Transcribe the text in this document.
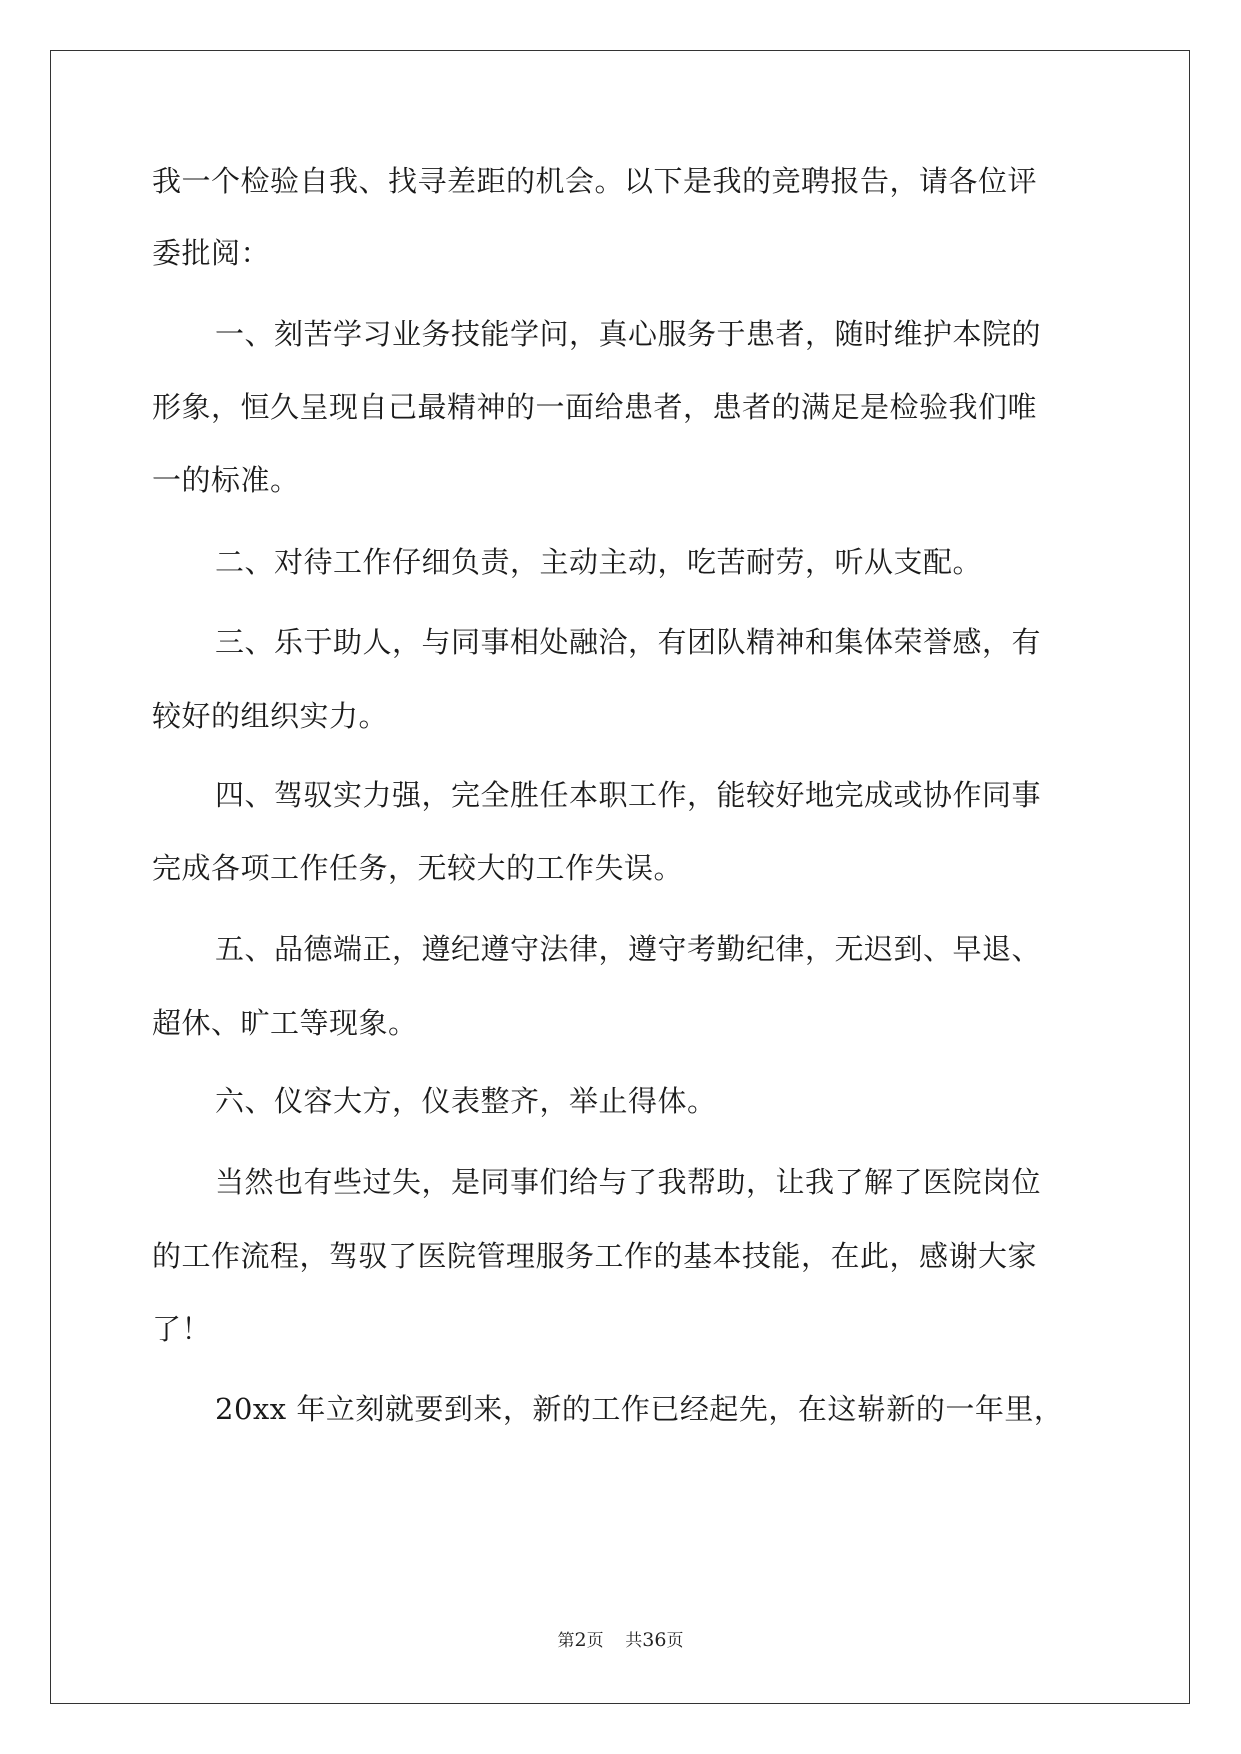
我一个检验自我、找寻差距的机会。以下是我的竞聘报告，请各位评
委批阅：
一、刻苦学习业务技能学问，真心服务于患者，随时维护本院的
形象，恒久呈现自己最精神的一面给患者，患者的满足是检验我们唯
一的标准。
二、对待工作仔细负责，主动主动，吃苦耐劳，听从支配。
三、乐于助人，与同事相处融洽，有团队精神和集体荣誉感，有
较好的组织实力。
四、驾驭实力强，完全胜任本职工作，能较好地完成或协作同事
完成各项工作任务，无较大的工作失误。
五、品德端正，遵纪遵守法律，遵守考勤纪律，无迟到、早退、
超休、旷工等现象。
六、仪容大方，仪表整齐，举止得体。
当然也有些过失，是同事们给与了我帮助，让我了解了医院岗位
的工作流程，驾驭了医院管理服务工作的基本技能，在此，感谢大家
了！
20xx 年立刻就要到来，新的工作已经起先，在这崭新的一年里，
第2页 共36页
